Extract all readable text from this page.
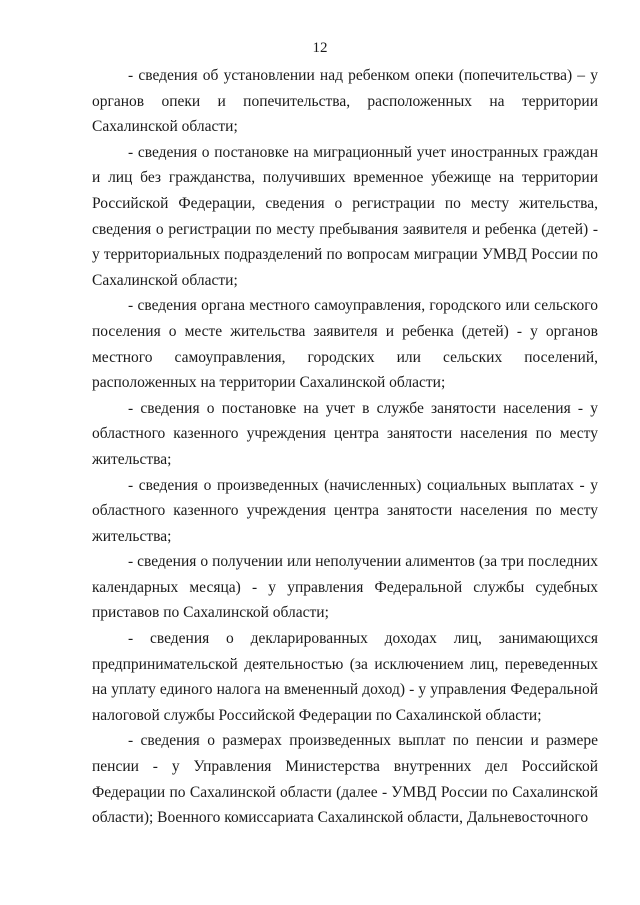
12

- сведения об установлении над ребенком опеки (попечительства) – у органов опеки и попечительства, расположенных на территории Сахалинской области;

- сведения о постановке на миграционный учет иностранных граждан и лиц без гражданства, получивших временное убежище на территории Российской Федерации, сведения о регистрации по месту жительства, сведения о регистрации по месту пребывания заявителя и ребенка (детей) - у территориальных подразделений по вопросам миграции УМВД России по Сахалинской области;

- сведения органа местного самоуправления, городского или сельского поселения о месте жительства заявителя и ребенка (детей) - у органов местного самоуправления, городских или сельских поселений, расположенных на территории Сахалинской области;

- сведения о постановке на учет в службе занятости населения - у областного казенного учреждения центра занятости населения по месту жительства;

- сведения о произведенных (начисленных) социальных выплатах - у областного казенного учреждения центра занятости населения по месту жительства;

- сведения о получении или неполучении алиментов (за три последних календарных месяца) - у управления Федеральной службы судебных приставов по Сахалинской области;

- сведения о декларированных доходах лиц, занимающихся предпринимательской деятельностью (за исключением лиц, переведенных на уплату единого налога на вмененный доход) - у управления Федеральной налоговой службы Российской Федерации по Сахалинской области;

- сведения о размерах произведенных выплат по пенсии и размере пенсии - у Управления Министерства внутренних дел Российской Федерации по Сахалинской области (далее - УМВД России по Сахалинской области); Военного комиссариата Сахалинской области, Дальневосточного
